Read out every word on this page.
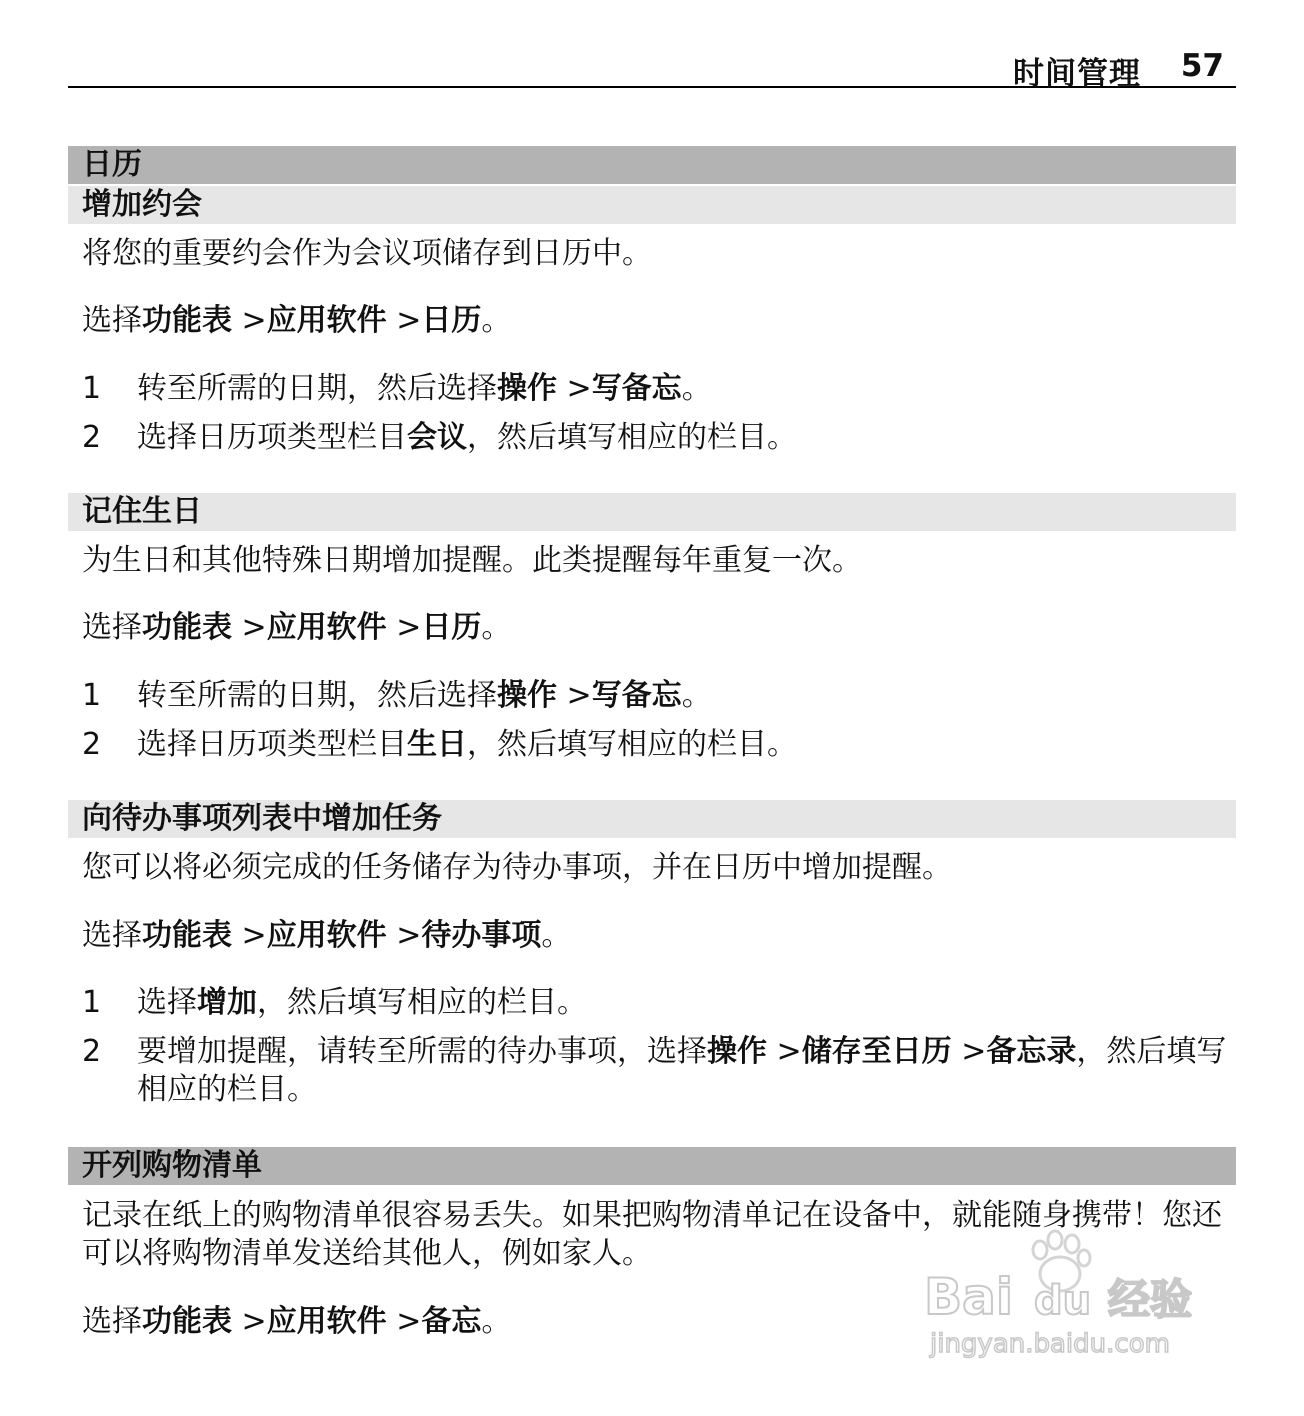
时间管理 57
日历
增加约会
将您的重要约会作为会议项储存到日历中。
选择功能表 >应用软件 >日历。
1 转至所需的日期，然后选择操作 >写备忘。
2 选择日历项类型栏目会议，然后填写相应的栏目。
记住生日
为生日和其他特殊日期增加提醒。此类提醒每年重复一次。
选择功能表 >应用软件 >日历。
1 转至所需的日期，然后选择操作 >写备忘。
2 选择日历项类型栏目生日，然后填写相应的栏目。
向待办事项列表中增加任务
您可以将必须完成的任务储存为待办事项，并在日历中增加提醒。
选择功能表 >应用软件 >待办事项。
1 选择增加，然后填写相应的栏目。
2 要增加提醒，请转至所需的待办事项，选择操作 >储存至日历 >备忘录，然后填写相应的栏目。
开列购物清单
记录在纸上的购物清单很容易丢失。如果把购物清单记在设备中，就能随身携带！您还可以将购物清单发送给其他人，例如家人。
选择功能表 >应用软件 >备忘。	Bai du 经验
jingyan.baidu.com
